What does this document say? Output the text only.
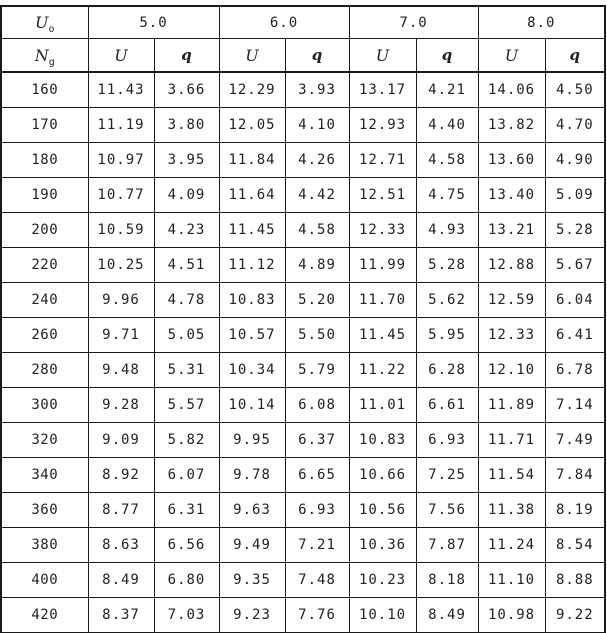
$U_o$	5.0		6.0		7.0		8.0	
$N_g$	U	q	U	q	U	q	U	q
160	11.43	3.66	12.29	3.93	13.17	4.21	14.06	4.50
170	11.19	3.80	12.05	4.10	12.93	4.40	13.82	4.70
180	10.97	3.95	11.84	4.26	12.71	4.58	13.60	4.90
190	10.77	4.09	11.64	4.42	12.51	4.75	13.40	5.09
200	10.59	4.23	11.45	4.58	12.33	4.93	13.21	5.28
220	10.25	4.51	11.12	4.89	11.99	5.28	12.88	5.67
240	9.96	4.78	10.83	5.20	11.70	5.62	12.59	6.04
260	9.71	5.05	10.57	5.50	11.45	5.95	12.33	6.41
280	9.48	5.31	10.34	5.79	11.22	6.28	12.10	6.78
300	9.28	5.57	10.14	6.08	11.01	6.61	11.89	7.14
320	9.09	5.82	9.95	6.37	10.83	6.93	11.71	7.49
340	8.92	6.07	9.78	6.65	10.66	7.25	11.54	7.84
360	8.77	6.31	9.63	6.93	10.56	7.56	11.38	8.19
380	8.63	6.56	9.49	7.21	10.36	7.87	11.24	8.54
400	8.49	6.80	9.35	7.48	10.23	8.18	11.10	8.88
420	8.37	7.03	9.23	7.76	10.10	8.49	10.98	9.22
